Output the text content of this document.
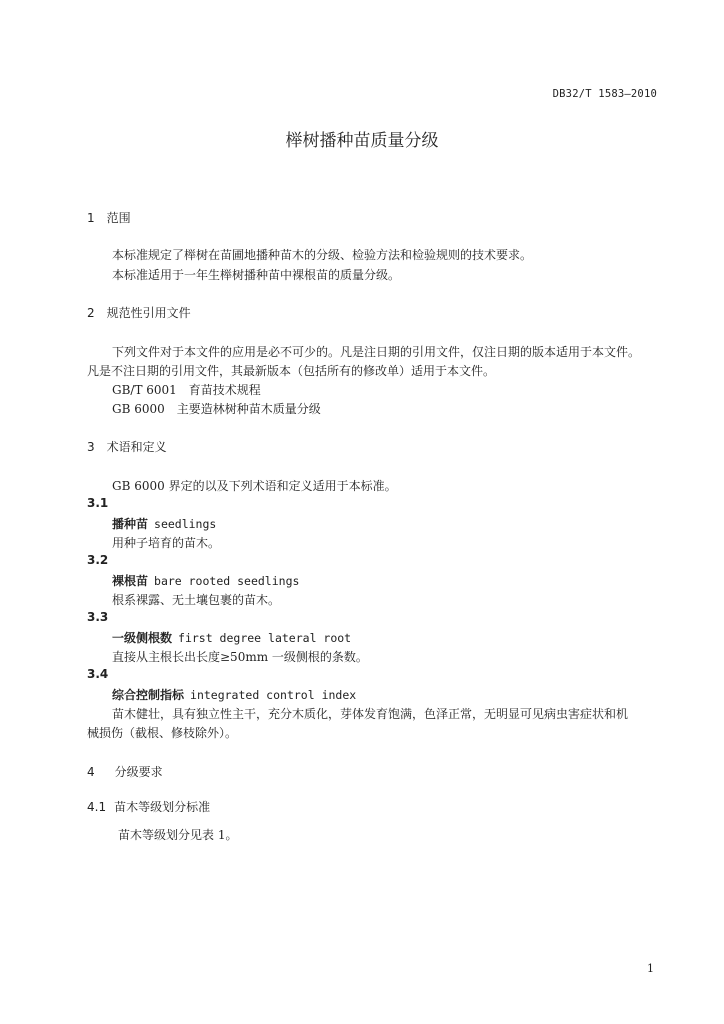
DB32/T 1583—2010
榉树播种苗质量分级
1 范围
本标准规定了榉树在苗圃地播种苗木的分级、检验方法和检验规则的技术要求。
本标准适用于一年生榉树播种苗中裸根苗的质量分级。
2 规范性引用文件
下列文件对于本文件的应用是必不可少的。凡是注日期的引用文件，仅注日期的版本适用于本文件。
凡是不注日期的引用文件，其最新版本（包括所有的修改单）适用于本文件。
GB/T 6001　育苗技术规程
GB 6000　主要造林树种苗木质量分级
3 术语和定义
GB 6000 界定的以及下列术语和定义适用于本标准。
3.1
播种苗 seedlings
用种子培育的苗木。
3.2
裸根苗 bare rooted seedlings
根系裸露、无土壤包裹的苗木。
3.3
一级侧根数 first degree lateral root
直接从主根长出长度≥50mm 一级侧根的条数。
3.4
综合控制指标 integrated control index
苗木健壮，具有独立性主干，充分木质化，芽体发育饱满，色泽正常，无明显可见病虫害症状和机
械损伤（截根、修枝除外）。
4 分级要求
4.1 苗木等级划分标准
苗木等级划分见表 1。
1
